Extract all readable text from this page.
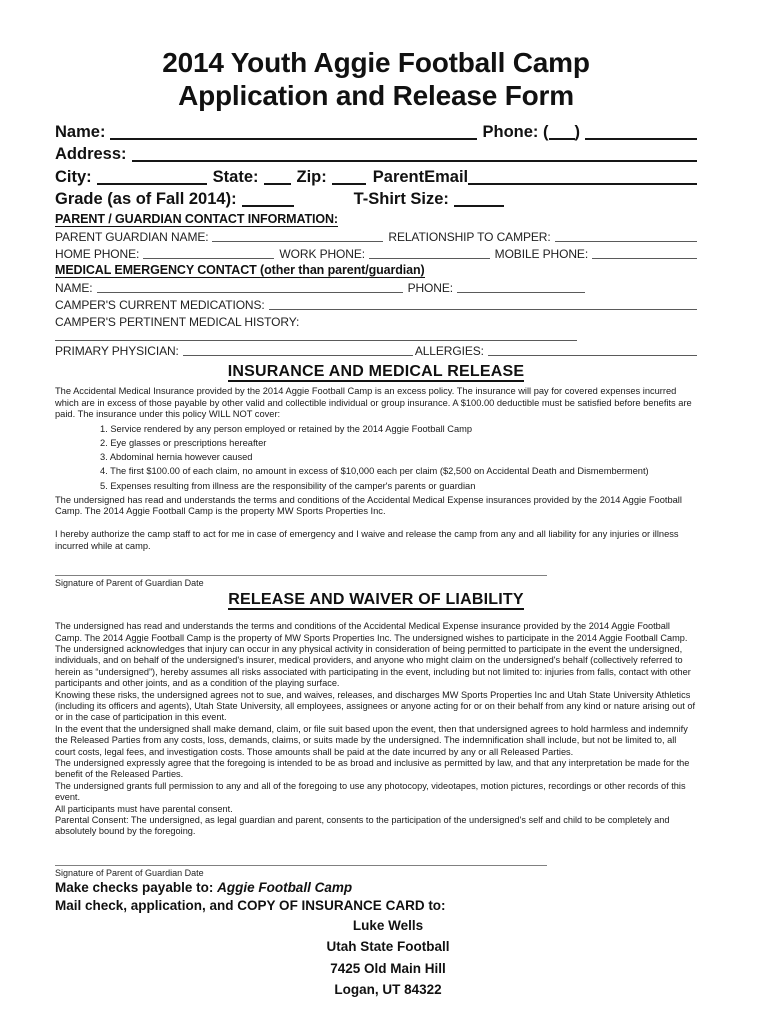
2014 Youth Aggie Football Camp
Application and Release Form
Name:	Phone: ( )
Address:
City:	State: Zip:	ParentEmail
Grade (as of Fall 2014):	T-Shirt Size:
PARENT / GUARDIAN CONTACT INFORMATION:
PARENT GUARDIAN NAME:	RELATIONSHIP TO CAMPER:
HOME PHONE:	WORK PHONE:	MOBILE PHONE:
MEDICAL EMERGENCY CONTACT (other than parent/guardian)
NAME:	PHONE:
CAMPER'S CURRENT MEDICATIONS:
CAMPER'S PERTINENT MEDICAL HISTORY:
PRIMARY PHYSICIAN:	ALLERGIES:
INSURANCE AND MEDICAL RELEASE
The Accidental Medical Insurance provided by the 2014 Aggie Football Camp is an excess policy. The insurance will pay for covered expenses incurred which are in excess of those payable by other valid and collectible individual or group insurance. A $100.00 deductible must be satisfied before benefits are paid. The insurance under this policy WILL NOT cover:
1. Service rendered by any person employed or retained by the 2014 Aggie Football Camp
2. Eye glasses or prescriptions hereafter
3. Abdominal hernia however caused
4. The first $100.00 of each claim, no amount in excess of $10,000 each per claim ($2,500 on Accidental Death and Dismemberment)
5. Expenses resulting from illness are the responsibility of the camper's parents or guardian
The undersigned has read and understands the terms and conditions of the Accidental Medical Expense insurances provided by the 2014 Aggie Football Camp. The 2014 Aggie Football Camp is the property MW Sports Properties Inc.
I hereby authorize the camp staff to act for me in case of emergency and I waive and release the camp from any and all liability for any injuries or illness incurred while at camp.
Signature of Parent of Guardian Date
RELEASE AND WAIVER OF LIABILITY
The undersigned has read and understands the terms and conditions of the Accidental Medical Expense insurance provided by the 2014 Aggie Football Camp. The 2014 Aggie Football Camp is the property of MW Sports Properties Inc. The undersigned wishes to participate in the 2014 Aggie Football Camp. The undersigned acknowledges that injury can occur in any physical activity in consideration of being permitted to participate in the event the undersigned, individuals, and on behalf of the undersigned's insurer, medical providers, and anyone who might claim on the undersigned's behalf (collectively referred to herein as “undersigned”), hereby assumes all risks associated with participating in the event, including but not limited to: injuries from falls, contact with other participants and other joints, and as a condition of the playing surface.
Knowing these risks, the undersigned agrees not to sue, and waives, releases, and discharges MW Sports Properties Inc and Utah State University Athletics (including its officers and agents), Utah State University, all employees, assignees or anyone acting for or on their behalf from any kind or nature arising out of or in the case of participation in this event.
In the event that the undersigned shall make demand, claim, or file suit based upon the event, then that undersigned agrees to hold harmless and indemnify the Released Parties from any costs, loss, demands, claims, or suits made by the undersigned. The indemnification shall include, but not be limited to, all court costs, legal fees, and investigation costs. Those amounts shall be paid at the date incurred by any or all Released Parties.
The undersigned expressly agree that the foregoing is intended to be as broad and inclusive as permitted by law, and that any interpretation be made for the benefit of the Released Parties.
The undersigned grants full permission to any and all of the foregoing to use any photocopy, videotapes, motion pictures, recordings or other records of this event.
All participants must have parental consent.
Parental Consent: The undersigned, as legal guardian and parent, consents to the participation of the undersigned's self and child to be completely and absolutely bound by the foregoing.
Signature of Parent of Guardian Date
Make checks payable to: Aggie Football Camp
Mail check, application, and COPY OF INSURANCE CARD to:
Luke Wells
Utah State Football
7425 Old Main Hill
Logan, UT 84322
